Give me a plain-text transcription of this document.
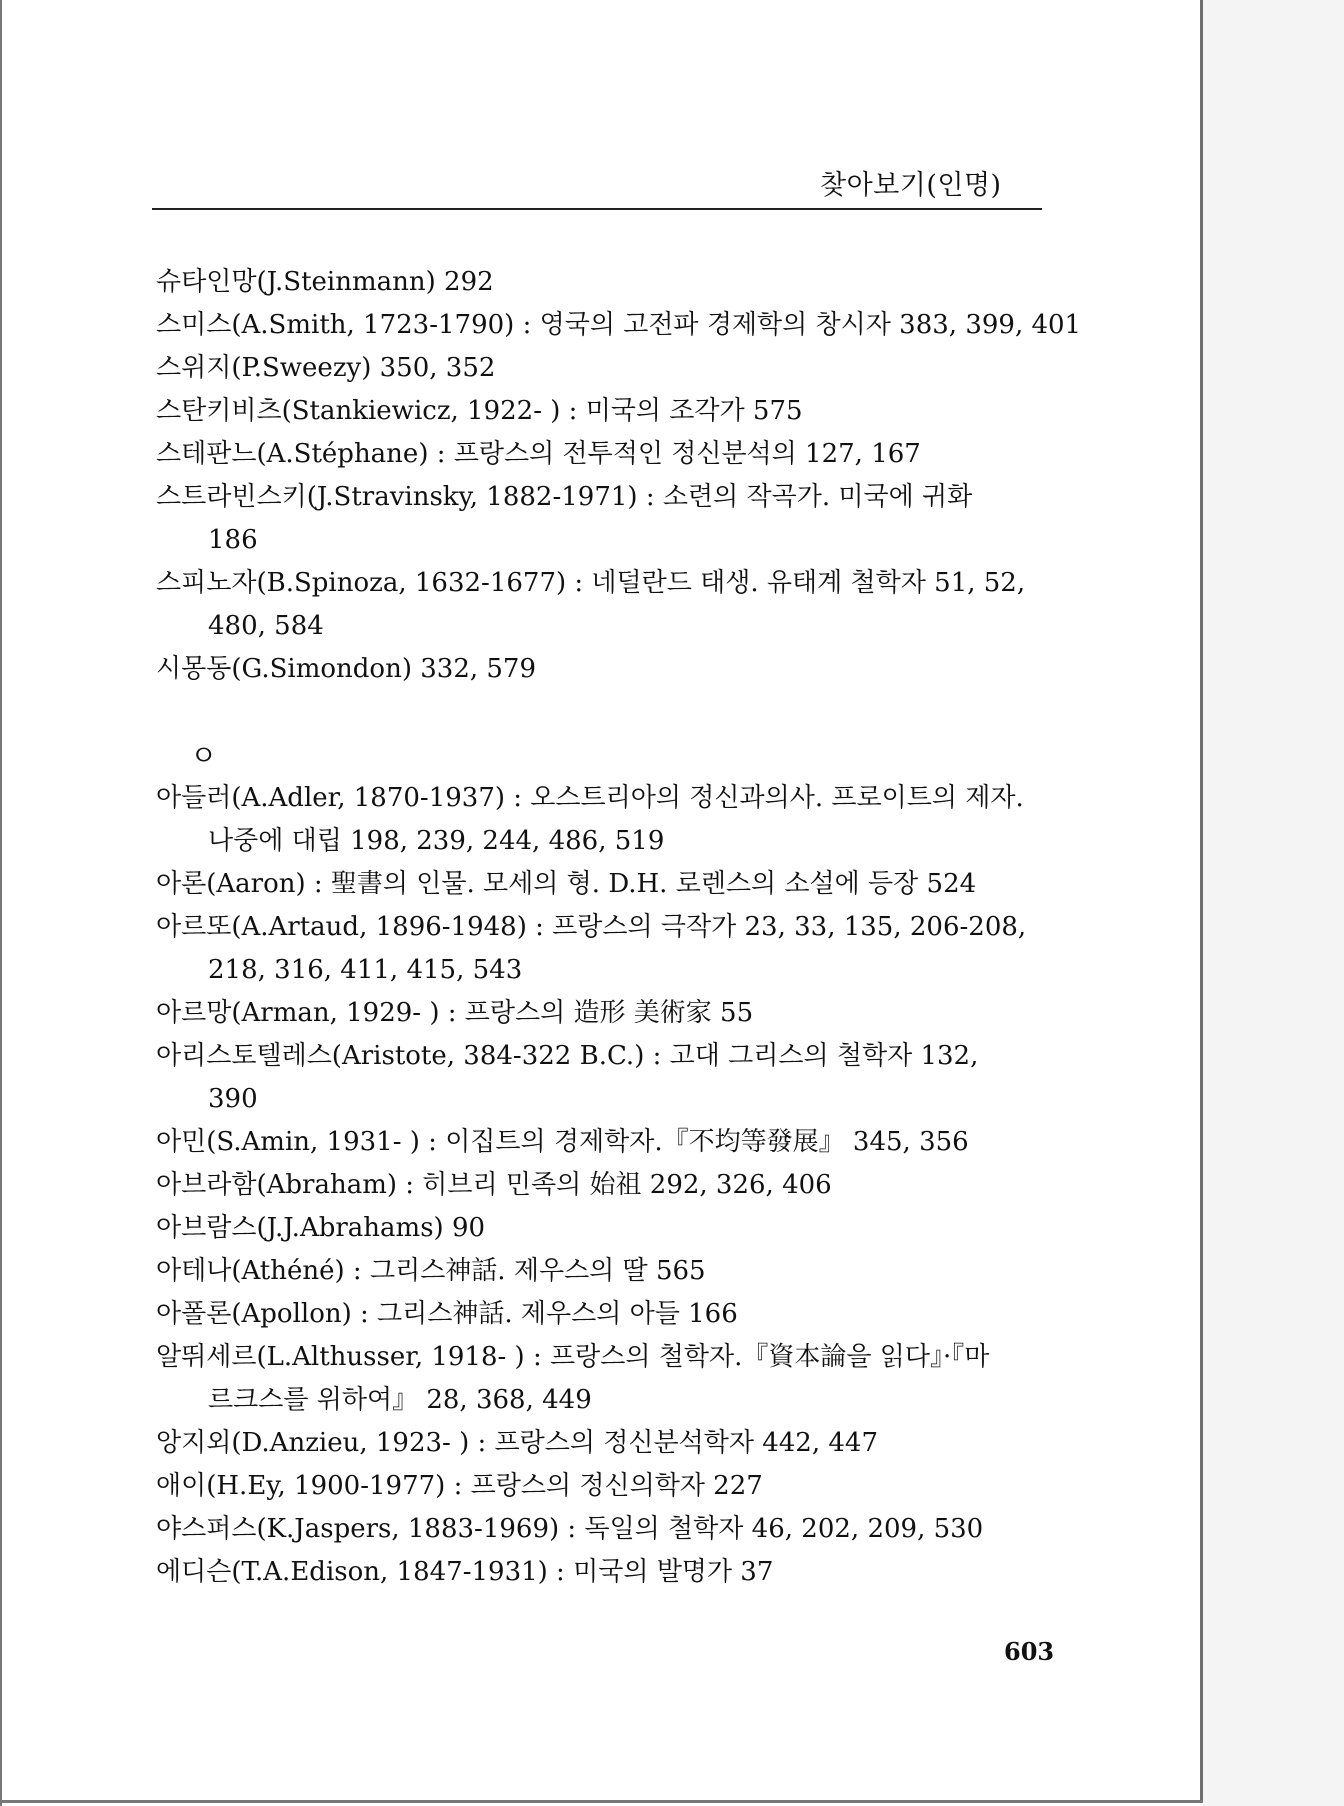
찾아보기(인명)
슈타인망(J.Steinmann) 292
스미스(A.Smith, 1723-1790) : 영국의 고전파 경제학의 창시자 383, 399, 401
스위지(P.Sweezy) 350, 352
스탄키비츠(Stankiewicz, 1922- ) : 미국의 조각가 575
스테판느(A.Stéphane) : 프랑스의 전투적인 정신분석의 127, 167
스트라빈스키(J.Stravinsky, 1882-1971) : 소련의 작곡가. 미국에 귀화
186
스피노자(B.Spinoza, 1632-1677) : 네덜란드 태생. 유태계 철학자 51, 52,
480, 584
시몽동(G.Simondon) 332, 579
ㅇ
아들러(A.Adler, 1870-1937) : 오스트리아의 정신과의사. 프로이트의 제자.
나중에 대립 198, 239, 244, 486, 519
아론(Aaron) : 聖書의 인물. 모세의 형. D.H. 로렌스의 소설에 등장 524
아르또(A.Artaud, 1896-1948) : 프랑스의 극작가 23, 33, 135, 206-208,
218, 316, 411, 415, 543
아르망(Arman, 1929- ) : 프랑스의 造形 美術家 55
아리스토텔레스(Aristote, 384-322 B.C.) : 고대 그리스의 철학자 132,
390
아민(S.Amin, 1931- ) : 이집트의 경제학자.『不均等發展』 345, 356
아브라함(Abraham) : 히브리 민족의 始祖 292, 326, 406
아브람스(J.J.Abrahams) 90
아테나(Athéné) : 그리스神話. 제우스의 딸 565
아폴론(Apollon) : 그리스神話. 제우스의 아들 166
알뛰세르(L.Althusser, 1918- ) : 프랑스의 철학자.『資本論을 읽다』·『마
르크스를 위하여』 28, 368, 449
앙지외(D.Anzieu, 1923- ) : 프랑스의 정신분석학자 442, 447
애이(H.Ey, 1900-1977) : 프랑스의 정신의학자 227
야스퍼스(K.Jaspers, 1883-1969) : 독일의 철학자 46, 202, 209, 530
에디슨(T.A.Edison, 1847-1931) : 미국의 발명가 37
603
